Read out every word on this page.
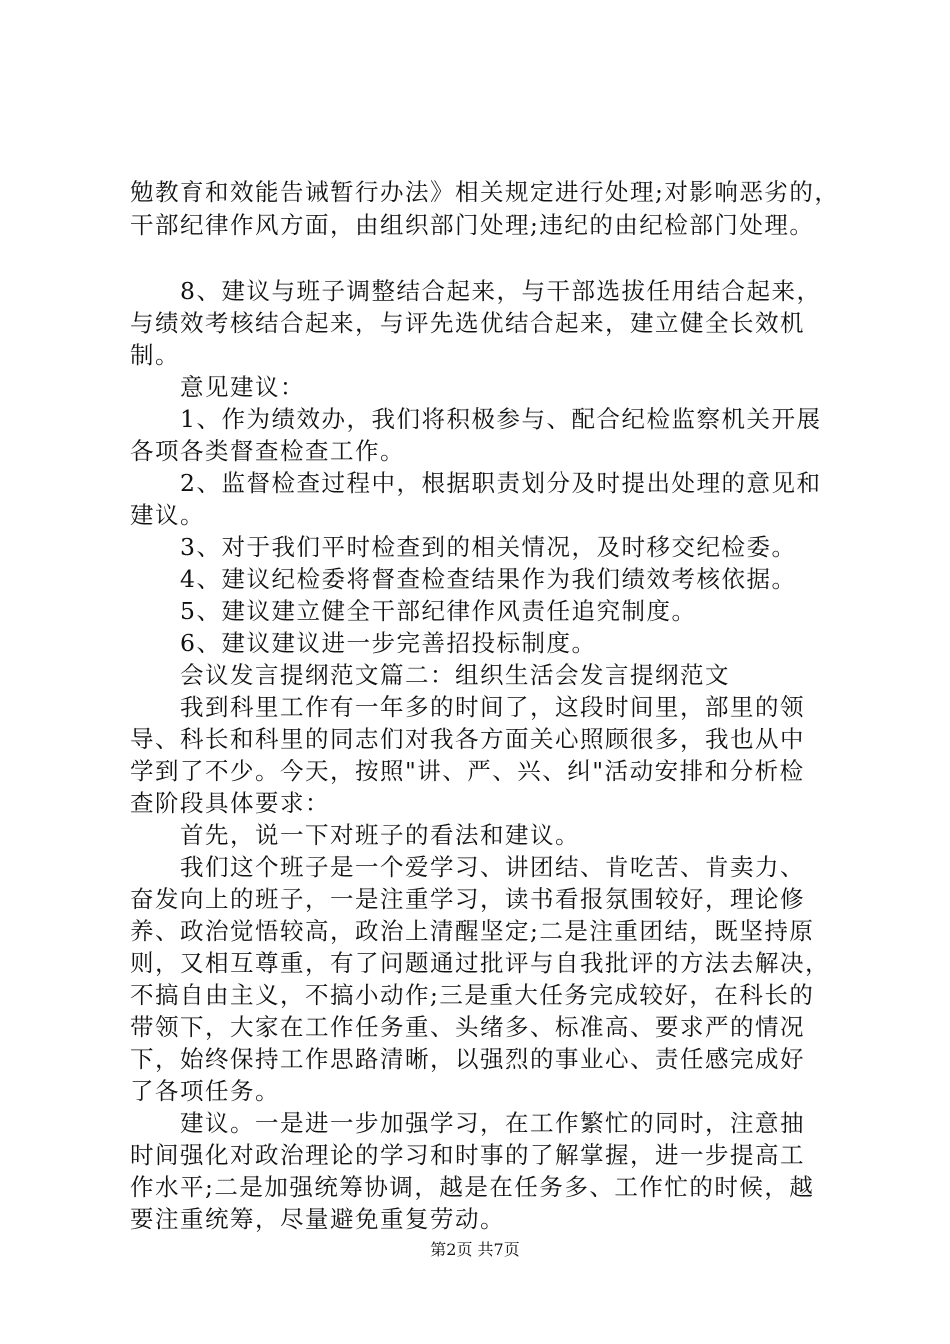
勉教育和效能告诫暂行办法》相关规定进行处理;对影响恶劣的，
干部纪律作风方面，由组织部门处理;违纪的由纪检部门处理。
　　8、建议与班子调整结合起来，与干部选拔任用结合起来，
与绩效考核结合起来，与评先选优结合起来，建立健全长效机
制。
　　意见建议：
　　1、作为绩效办，我们将积极参与、配合纪检监察机关开展
各项各类督查检查工作。
　　2、监督检查过程中，根据职责划分及时提出处理的意见和
建议。
　　3、对于我们平时检查到的相关情况，及时移交纪检委。
　　4、建议纪检委将督查检查结果作为我们绩效考核依据。
　　5、建议建立健全干部纪律作风责任追究制度。
　　6、建议建议进一步完善招投标制度。
　　会议发言提纲范文篇二：组织生活会发言提纲范文
　　我到科里工作有一年多的时间了，这段时间里，部里的领
导、科长和科里的同志们对我各方面关心照顾很多，我也从中
学到了不少。今天，按照"讲、严、兴、纠"活动安排和分析检
查阶段具体要求：
　　首先，说一下对班子的看法和建议。
　　我们这个班子是一个爱学习、讲团结、肯吃苦、肯卖力、
奋发向上的班子，一是注重学习，读书看报氛围较好，理论修
养、政治觉悟较高，政治上清醒坚定;二是注重团结，既坚持原
则，又相互尊重，有了问题通过批评与自我批评的方法去解决，
不搞自由主义，不搞小动作;三是重大任务完成较好，在科长的
带领下，大家在工作任务重、头绪多、标准高、要求严的情况
下，始终保持工作思路清晰，以强烈的事业心、责任感完成好
了各项任务。
　　建议。一是进一步加强学习，在工作繁忙的同时，注意抽
时间强化对政治理论的学习和时事的了解掌握，进一步提高工
作水平;二是加强统筹协调，越是在任务多、工作忙的时候，越
要注重统筹，尽量避免重复劳动。
第2页 共7页
